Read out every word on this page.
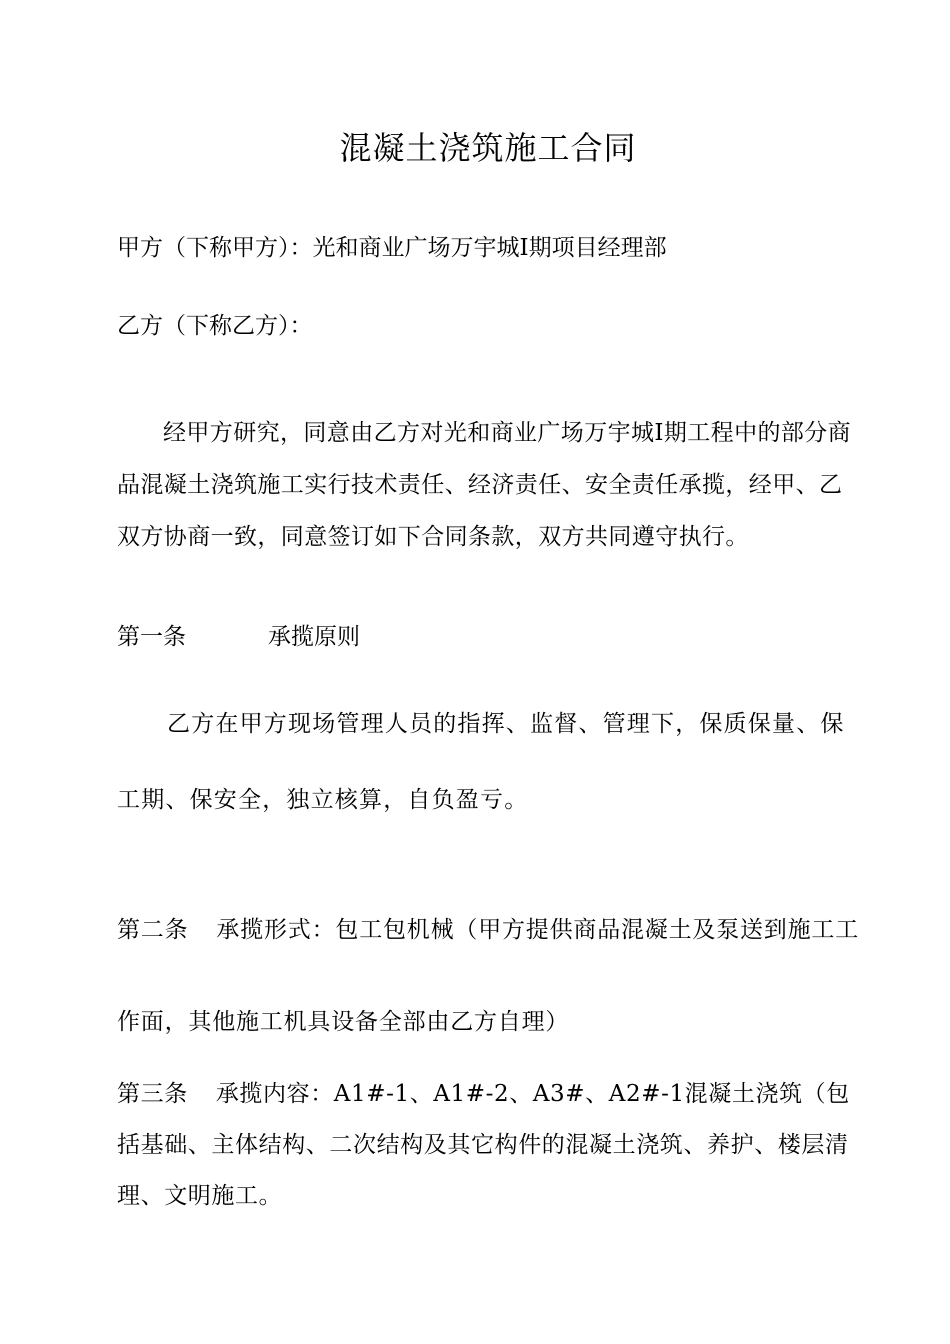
混凝土浇筑施工合同
甲方（下称甲方）：光和商业广场万宇城Ⅰ期项目经理部
乙方（下称乙方）：
经甲方研究，同意由乙方对光和商业广场万宇城Ⅰ期工程中的部分商品混凝土浇筑施工实行技术责任、经济责任、安全责任承揽，经甲、乙双方协商一致，同意签订如下合同条款，双方共同遵守执行。
第一条	承揽原则
乙方在甲方现场管理人员的指挥、监督、管理下，保质保量、保工期、保安全，独立核算，自负盈亏。
第二条 承揽形式：包工包机械（甲方提供商品混凝土及泵送到施工工作面，其他施工机具设备全部由乙方自理）
第三条 承揽内容：A1#-1、A1#-2、A3#、A2#-1混凝土浇筑（包括基础、主体结构、二次结构及其它构件的混凝土浇筑、养护、楼层清理、文明施工。
